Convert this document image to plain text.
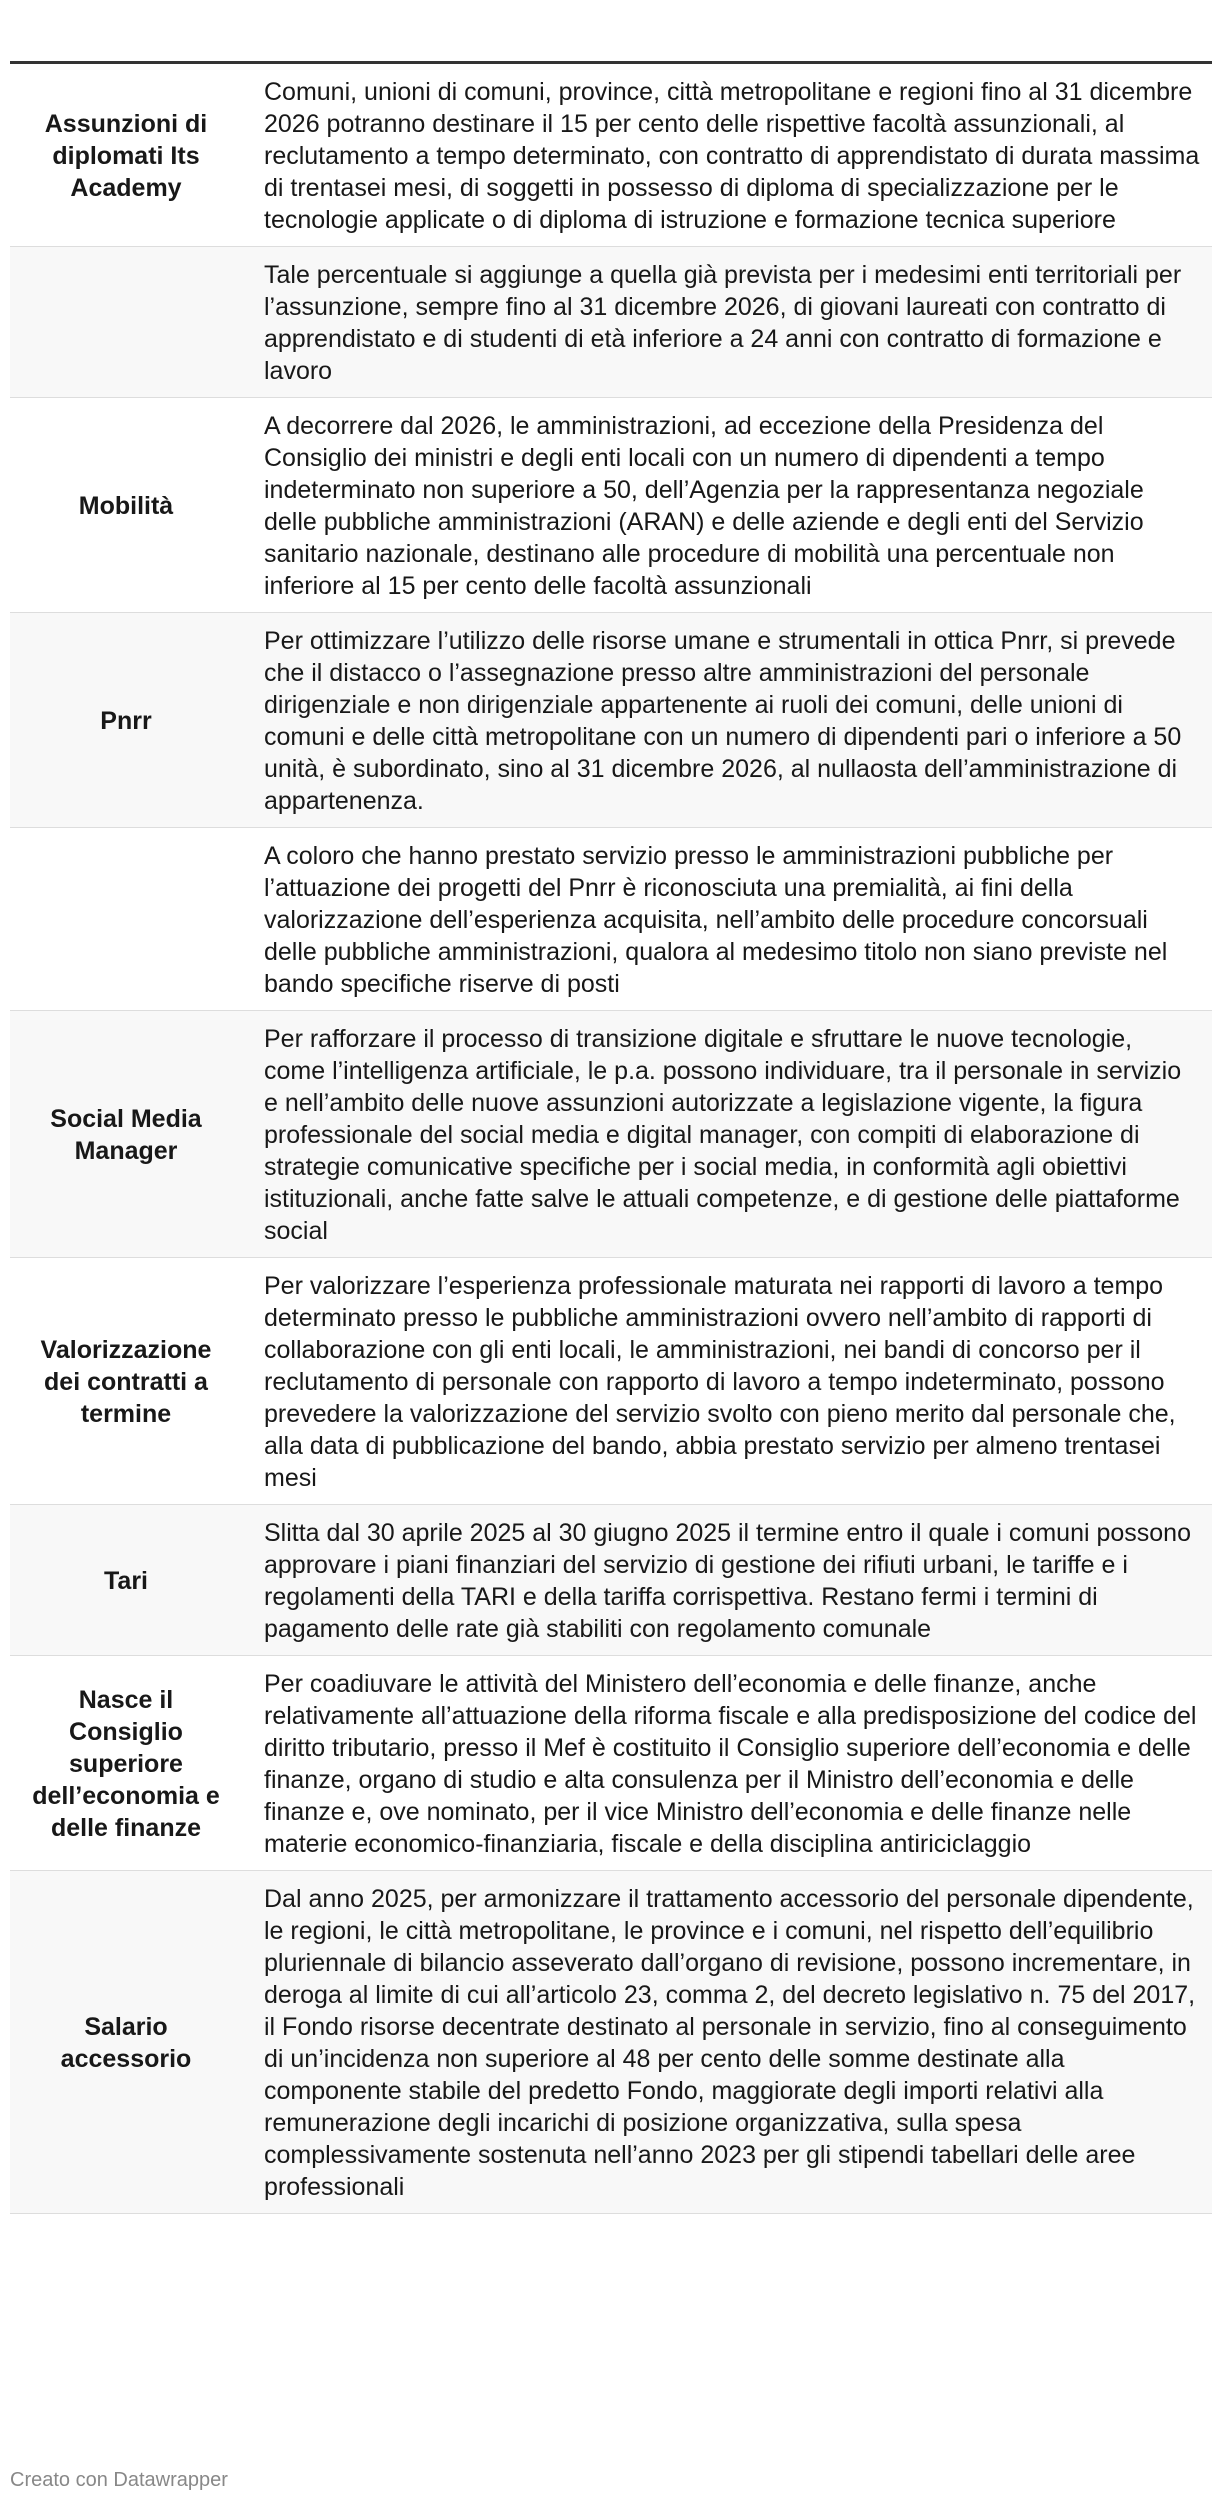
Assunzioni di diplomati Its Academy	Comuni, unioni di comuni, province, città metropolitane e regioni fino al 31 dicembre 2026 potranno destinare il 15 per cento delle rispettive facoltà assunzionali, al reclutamento a tempo determinato, con contratto di apprendistato di durata massima di trentasei mesi, di soggetti in possesso di diploma di specializzazione per le tecnologie applicate o di diploma di istruzione e formazione tecnica superiore
	Tale percentuale si aggiunge a quella già prevista per i medesimi enti territoriali per l’assunzione, sempre fino al 31 dicembre 2026, di giovani laureati con contratto di apprendistato e di studenti di età inferiore a 24 anni con contratto di formazione e lavoro
Mobilità	A decorrere dal 2026, le amministrazioni, ad eccezione della Presidenza del Consiglio dei ministri e degli enti locali con un numero di dipendenti a tempo indeterminato non superiore a 50, dell’Agenzia per la rappresentanza negoziale delle pubbliche amministrazioni (ARAN) e delle aziende e degli enti del Servizio sanitario nazionale, destinano alle procedure di mobilità una percentuale non inferiore al 15 per cento delle facoltà assunzionali
Pnrr	Per ottimizzare l’utilizzo delle risorse umane e strumentali in ottica Pnrr, si prevede che il distacco o l’assegnazione presso altre amministrazioni del personale dirigenziale e non dirigenziale appartenente ai ruoli dei comuni, delle unioni di comuni e delle città metropolitane con un numero di dipendenti pari o inferiore a 50 unità, è subordinato, sino al 31 dicembre 2026, al nullaosta dell’amministrazione di appartenenza.
	A coloro che hanno prestato servizio presso le amministrazioni pubbliche per l’attuazione dei progetti del Pnrr è riconosciuta una premialità, ai fini della valorizzazione dell’esperienza acquisita, nell’ambito delle procedure concorsuali delle pubbliche amministrazioni, qualora al medesimo titolo non siano previste nel bando specifiche riserve di posti
Social Media Manager	Per rafforzare il processo di transizione digitale e sfruttare le nuove tecnologie, come l’intelligenza artificiale, le p.a. possono individuare, tra il personale in servizio e nell’ambito delle nuove assunzioni autorizzate a legislazione vigente, la figura professionale del social media e digital manager, con compiti di elaborazione di strategie comunicative specifiche per i social media, in conformità agli obiettivi istituzionali, anche fatte salve le attuali competenze, e di gestione delle piattaforme social
Valorizzazione dei contratti a termine	Per valorizzare l’esperienza professionale maturata nei rapporti di lavoro a tempo determinato presso le pubbliche amministrazioni ovvero nell’ambito di rapporti di collaborazione con gli enti locali, le amministrazioni, nei bandi di concorso per il reclutamento di personale con rapporto di lavoro a tempo indeterminato, possono prevedere la valorizzazione del servizio svolto con pieno merito dal personale che, alla data di pubblicazione del bando, abbia prestato servizio per almeno trentasei mesi
Tari	Slitta dal 30 aprile 2025 al 30 giugno 2025 il termine entro il quale i comuni possono approvare i piani finanziari del servizio di gestione dei rifiuti urbani, le tariffe e i regolamenti della TARI e della tariffa corrispettiva. Restano fermi i termini di pagamento delle rate già stabiliti con regolamento comunale
Nasce il Consiglio superiore dell’economia e delle finanze	Per coadiuvare le attività del Ministero dell’economia e delle finanze, anche relativamente all’attuazione della riforma fiscale e alla predisposizione del codice del diritto tributario, presso il Mef è costituito il Consiglio superiore dell’economia e delle finanze, organo di studio e alta consulenza per il Ministro dell’economia e delle finanze e, ove nominato, per il vice Ministro dell’economia e delle finanze nelle materie economico-finanziaria, fiscale e della disciplina antiriciclaggio
Salario accessorio	Dal anno 2025, per armonizzare il trattamento accessorio del personale dipendente, le regioni, le città metropolitane, le province e i comuni, nel rispetto dell’equilibrio pluriennale di bilancio asseverato dall’organo di revisione, possono incrementare, in deroga al limite di cui all’articolo 23, comma 2, del decreto legislativo n. 75 del 2017, il Fondo risorse decentrate destinato al personale in servizio, fino al conseguimento di un’incidenza non superiore al 48 per cento delle somme destinate alla componente stabile del predetto Fondo, maggiorate degli importi relativi alla remunerazione degli incarichi di posizione organizzativa, sulla spesa complessivamente sostenuta nell’anno 2023 per gli stipendi tabellari delle aree professionali
Creato con Datawrapper
